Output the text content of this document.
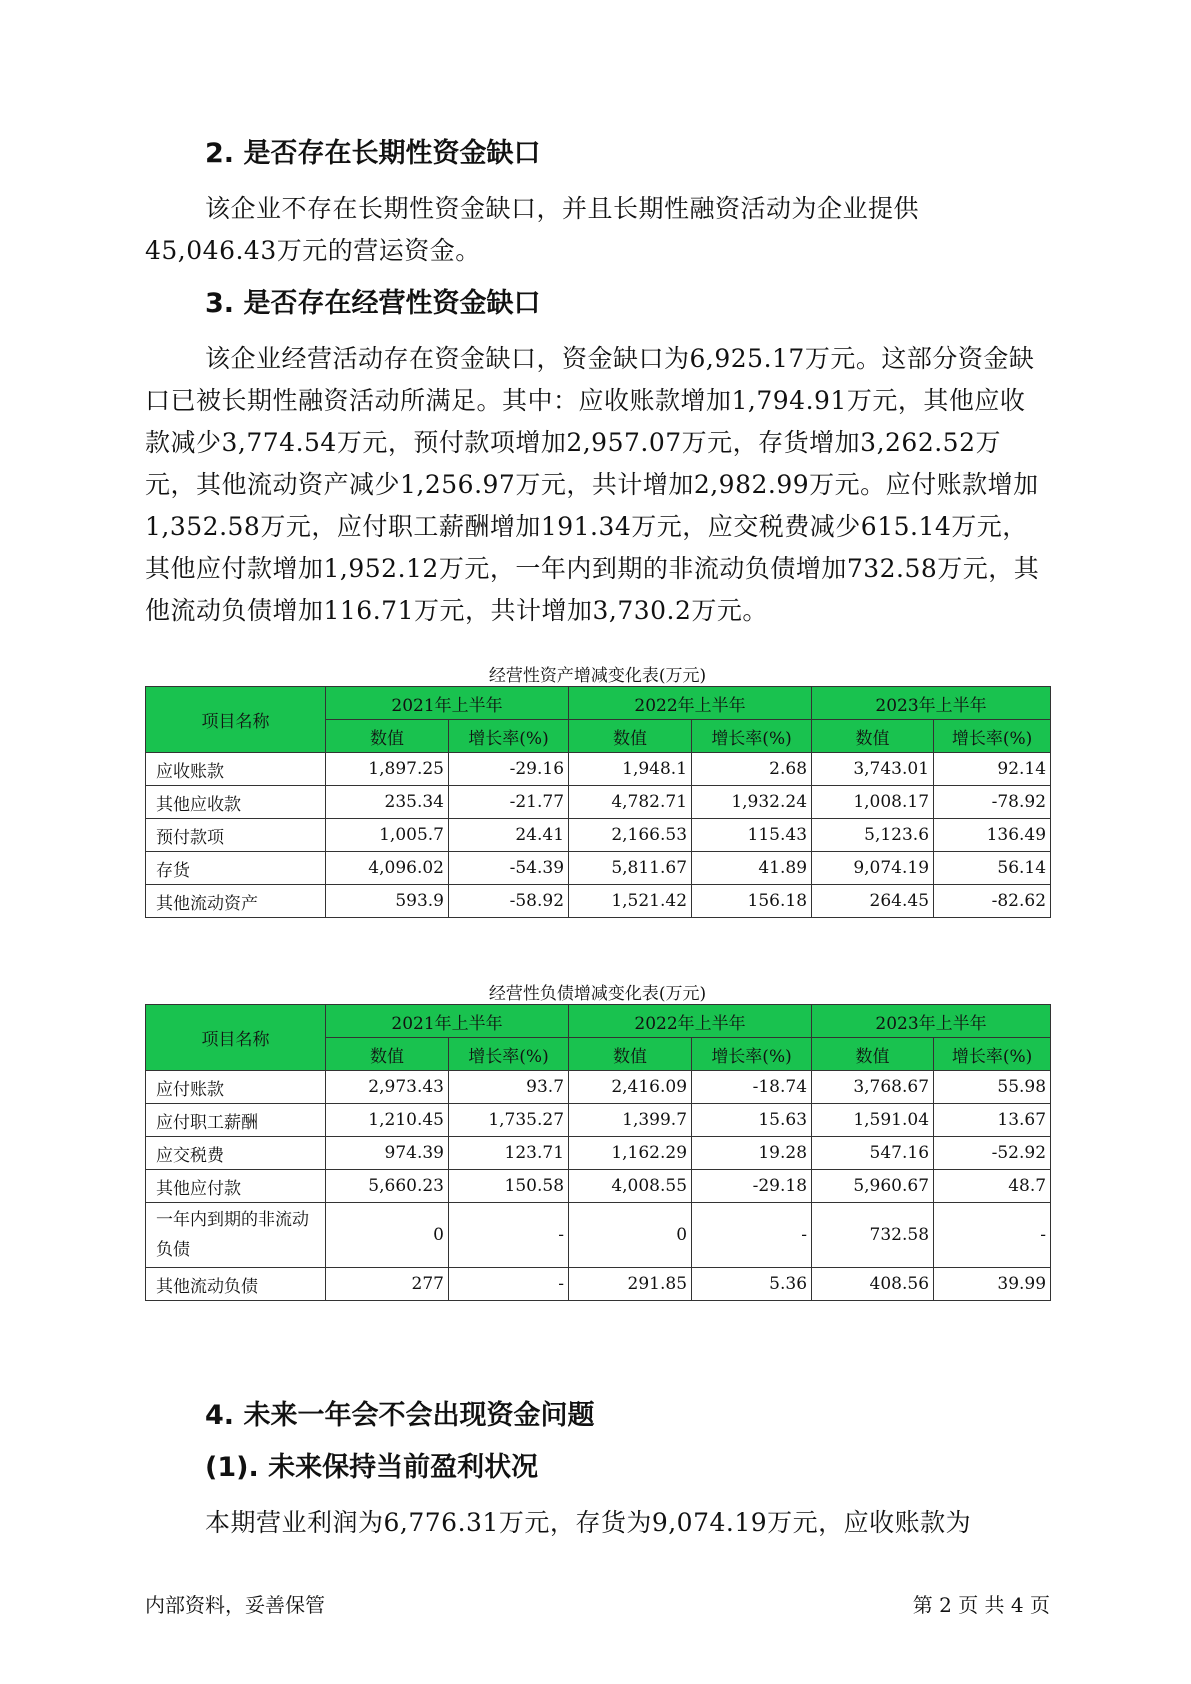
2. 是否存在长期性资金缺口

该企业不存在长期性资金缺口，并且长期性融资活动为企业提供45,046.43万元的营运资金。

3. 是否存在经营性资金缺口

该企业经营活动存在资金缺口，资金缺口为6,925.17万元。这部分资金缺口已被长期性融资活动所满足。其中：应收账款增加1,794.91万元，其他应收款减少3,774.54万元，预付款项增加2,957.07万元，存货增加3,262.52万元，其他流动资产减少1,256.97万元，共计增加2,982.99万元。应付账款增加1,352.58万元，应付职工薪酬增加191.34万元，应交税费减少615.14万元，其他应付款增加1,952.12万元，一年内到期的非流动负债增加732.58万元，其他流动负债增加116.71万元，共计增加3,730.2万元。

经营性资产增减变化表(万元)

项目名称	2021年上半年		2022年上半年		2023年上半年	
	数值	增长率(%)	数值	增长率(%)	数值	增长率(%)
应收账款	1,897.25	-29.16	1,948.1	2.68	3,743.01	92.14
其他应收款	235.34	-21.77	4,782.71	1,932.24	1,008.17	-78.92
预付款项	1,005.7	24.41	2,166.53	115.43	5,123.6	136.49
存货	4,096.02	-54.39	5,811.67	41.89	9,074.19	56.14
其他流动资产	593.9	-58.92	1,521.42	156.18	264.45	-82.62

经营性负债增减变化表(万元)

项目名称	2021年上半年		2022年上半年		2023年上半年	
	数值	增长率(%)	数值	增长率(%)	数值	增长率(%)
应付账款	2,973.43	93.7	2,416.09	-18.74	3,768.67	55.98
应付职工薪酬	1,210.45	1,735.27	1,399.7	15.63	1,591.04	13.67
应交税费	974.39	123.71	1,162.29	19.28	547.16	-52.92
其他应付款	5,660.23	150.58	4,008.55	-29.18	5,960.67	48.7
一年内到期的非流动负债	0	-	0	-	732.58	-
其他流动负债	277	-	291.85	5.36	408.56	39.99
4. 未来一年会不会出现资金问题
(1). 未来保持当前盈利状况

本期营业利润为6,776.31万元，存货为9,074.19万元，应收账款为

内部资料，妥善保管	第 2 页 共 4 页
